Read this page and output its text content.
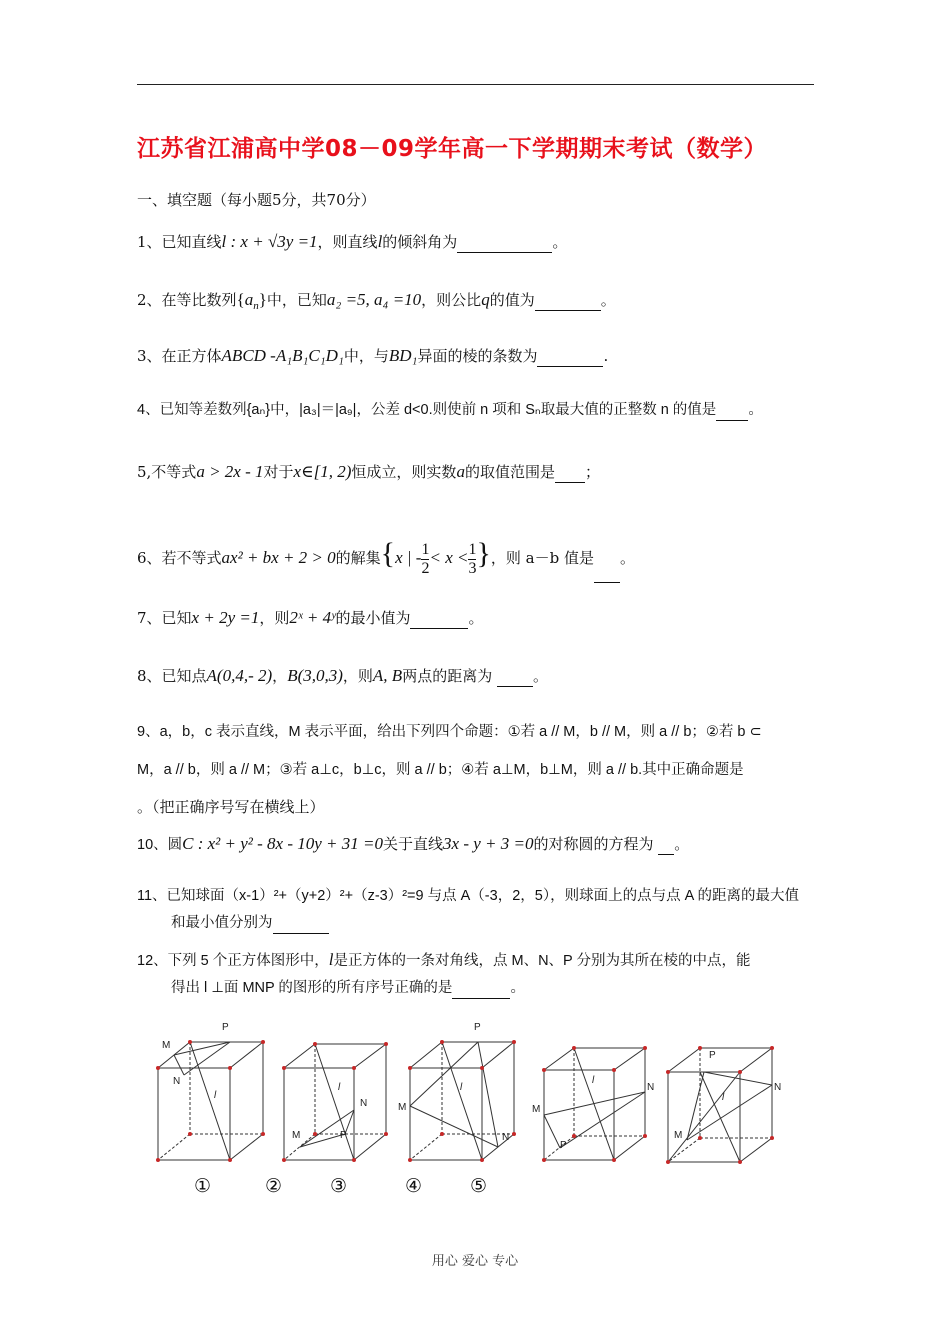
江苏省江浦高中学08－09学年高一下学期期末考试（数学）
一、填空题（每小题5分，共70分）
1、已知直线l : x + √3y =1，则直线l的倾斜角为	。
2、在等比数列$\{a_n\}$中，已知a₂ =5, a₄ =10，则公比q的值为	。
3、在正方体ABCD -A₁B₁C₁D₁中，与BD₁异面的棱的条数为	.
4、已知等差数列{aₙ}中，|a₃|＝|a₉|，公差 d<0.则使前 n 项和 Sₙ取最大值的正整数 n 的值是 。
5,不等式a > 2x - 1对于x∈[1, 2)恒成立，则实数a的取值范围是 ；
6、若不等式ax² + bx + 2 > 0的解集{x | - $\frac{1}{2} < x < \frac{1}{3}$ }，则 a－b 值是 。
7、已知x + 2y =1，则2ˣ + 4ʸ的最小值为	。
8、已知点A(0,4,- 2)，B(3,0,3)，则A, B两点的距离为	。
9、a，b，c 表示直线，M 表示平面，给出下列四个命题：①若 a // M，b // M，则 a // b；②若 b ⊂
M，a // b，则 a // M；③若 a⊥c，b⊥c，则 a // b；④若 a⊥M，b⊥M，则 a // b.其中正确命题是
。（把正确序号写在横线上）
10、圆C : x² + y² - 8x - 10y + 31 =0关于直线3x - y + 3 =0的对称圆的方程为 。
11、已知球面（x-1）²+（y+2）²+（z-3）²=9 与点 A（-3，2，5），则球面上的点与点 A 的距离的最大值
和最小值分别为
12、下列 5 个正方体图形中，l是正方体的一条对角线，点 M、N、P 分别为其所在棱的中点，能
得出 l ⊥面 MNP 的图形的所有序号正确的是	。
M
P
N
l
M
N
P
l
P
M
N
l
M
N
P
l
P
M
N
l
①	②	③	④	⑤
用心 爱心 专心
